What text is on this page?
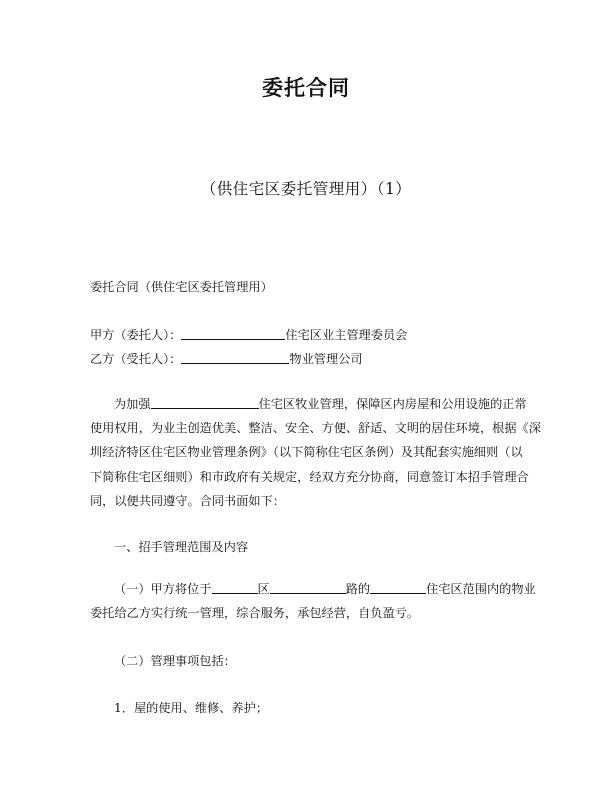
委托合同
（供住宅区委托管理用）（1）
委托合同（供住宅区委托管理用）
甲方（委托人）：	住宅区业主管理委员会
乙方（受托人）：	物业管理公司
为加强	住宅区牧业管理，保障区内房屋和公用设施的正常
使用权用，为业主创造优美、整洁、安全、方便、舒适、文明的居住环境，根据《深
圳经济特区住宅区物业管理条例》（以下简称住宅区条例）及其配套实施细则（以
下简称住宅区细则）和市政府有关规定，经双方充分协商，同意签订本招手管理合
同，以便共同遵守。合同书面如下：
一、招手管理范围及内容
（一）甲方将位于	区	路的	住宅区范围内的物业
委托给乙方实行统一管理，综合服务，承包经营，自负盈亏。
（二）管理事项包括：
1．屋的使用、维修、养护；
